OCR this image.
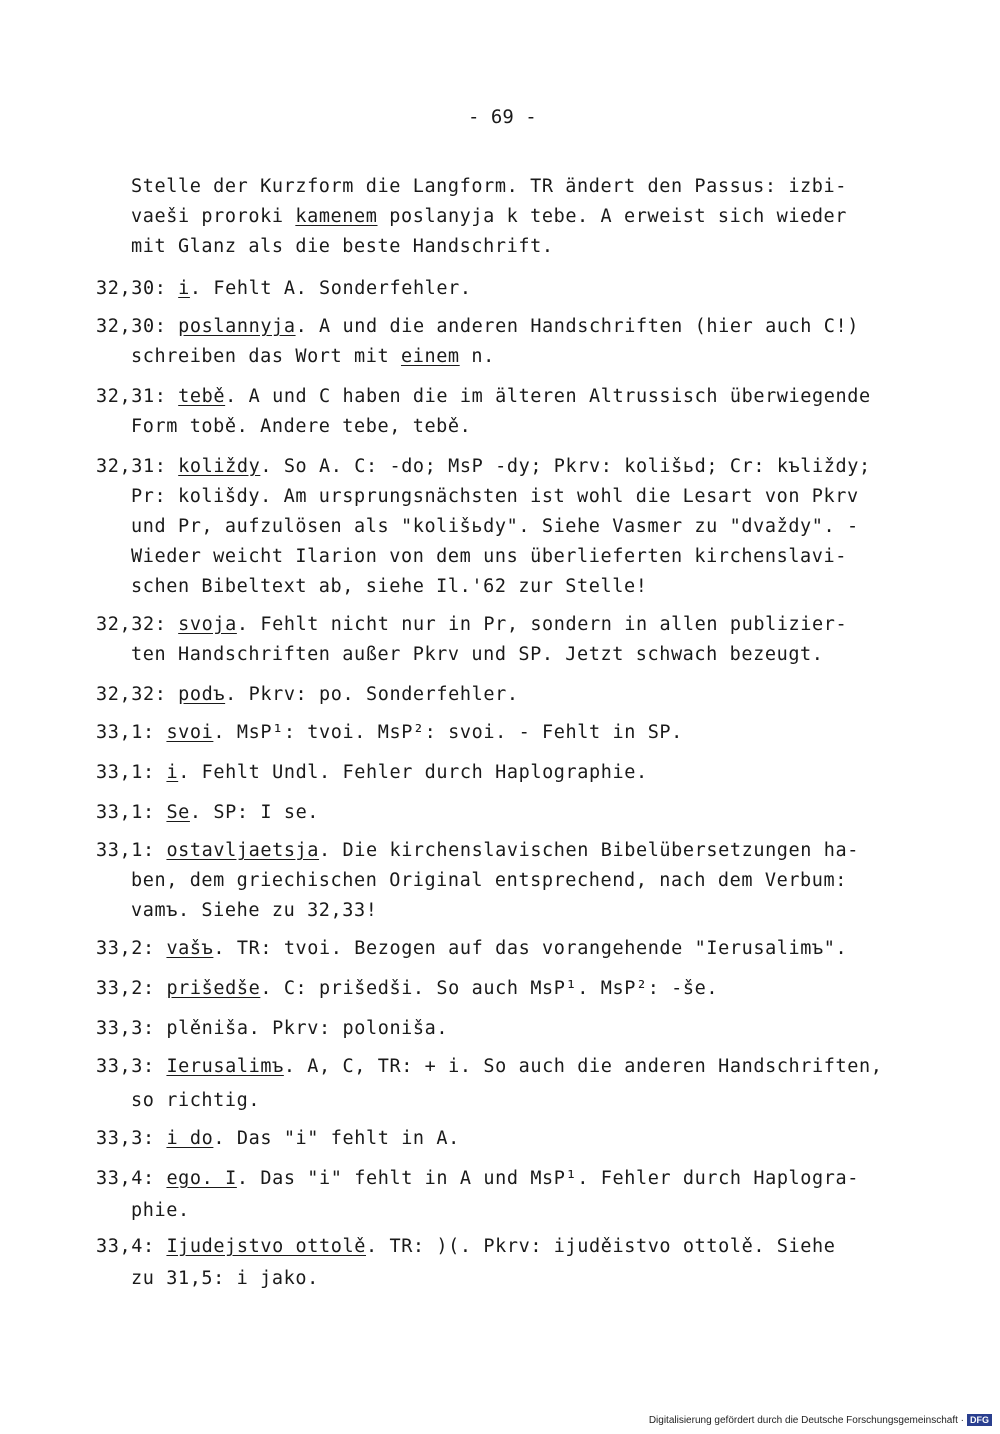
- 69 -
Stelle der Kurzform die Langform. TR ändert den Passus: izbi-
vaeši proroki kamenem poslanyja k tebe. A erweist sich wieder
mit Glanz als die beste Handschrift.
32,30: i. Fehlt A. Sonderfehler.
32,30: poslannyja. A und die anderen Handschriften (hier auch C!)
schreiben das Wort mit einem n.
32,31: tebě. A und C haben die im älteren Altrussisch überwiegende
Form tobě. Andere tebe, tebě.
32,31: koliždy. So A. C: -do; MsP -dy; Pkrv: kolišьd; Cr: kъliždy;
Pr: kolišdy. Am ursprungsnächsten ist wohl die Lesart von Pkrv
und Pr, aufzulösen als "kolišьdy". Siehe Vasmer zu "dvaždy". -
Wieder weicht Ilarion von dem uns überlieferten kirchenslavi-
schen Bibeltext ab, siehe Il.'62 zur Stelle!
32,32: svoja. Fehlt nicht nur in Pr, sondern in allen publizier-
ten Handschriften außer Pkrv und SP. Jetzt schwach bezeugt.
32,32: podъ. Pkrv: po. Sonderfehler.
33,1: svoi. MsP¹: tvoi. MsP²: svoi. - Fehlt in SP.
33,1: i. Fehlt Undl. Fehler durch Haplographie.
33,1: Se. SP: I se.
33,1: ostavljaetsja. Die kirchenslavischen Bibelübersetzungen ha-
ben, dem griechischen Original entsprechend, nach dem Verbum:
vamъ. Siehe zu 32,33!
33,2: vašъ. TR: tvoi. Bezogen auf das vorangehende "Ierusalimъ".
33,2: prišedše. C: prišedši. So auch MsP¹. MsP²: -še.
33,3: plěniša. Pkrv: poloniša.
33,3: Ierusalimъ. A, C, TR: + i. So auch die anderen Handschriften,
so richtig.
33,3: i do. Das "i" fehlt in A.
33,4: ego. I. Das "i" fehlt in A und MsP¹. Fehler durch Haplogra-
phie.
33,4: Ijudejstvo ottolě. TR: )(. Pkrv: ijuděistvo ottolě. Siehe
zu 31,5: i jako.
Digitalisierung gefördert durch die Deutsche Forschungsgemeinschaft · DFG
